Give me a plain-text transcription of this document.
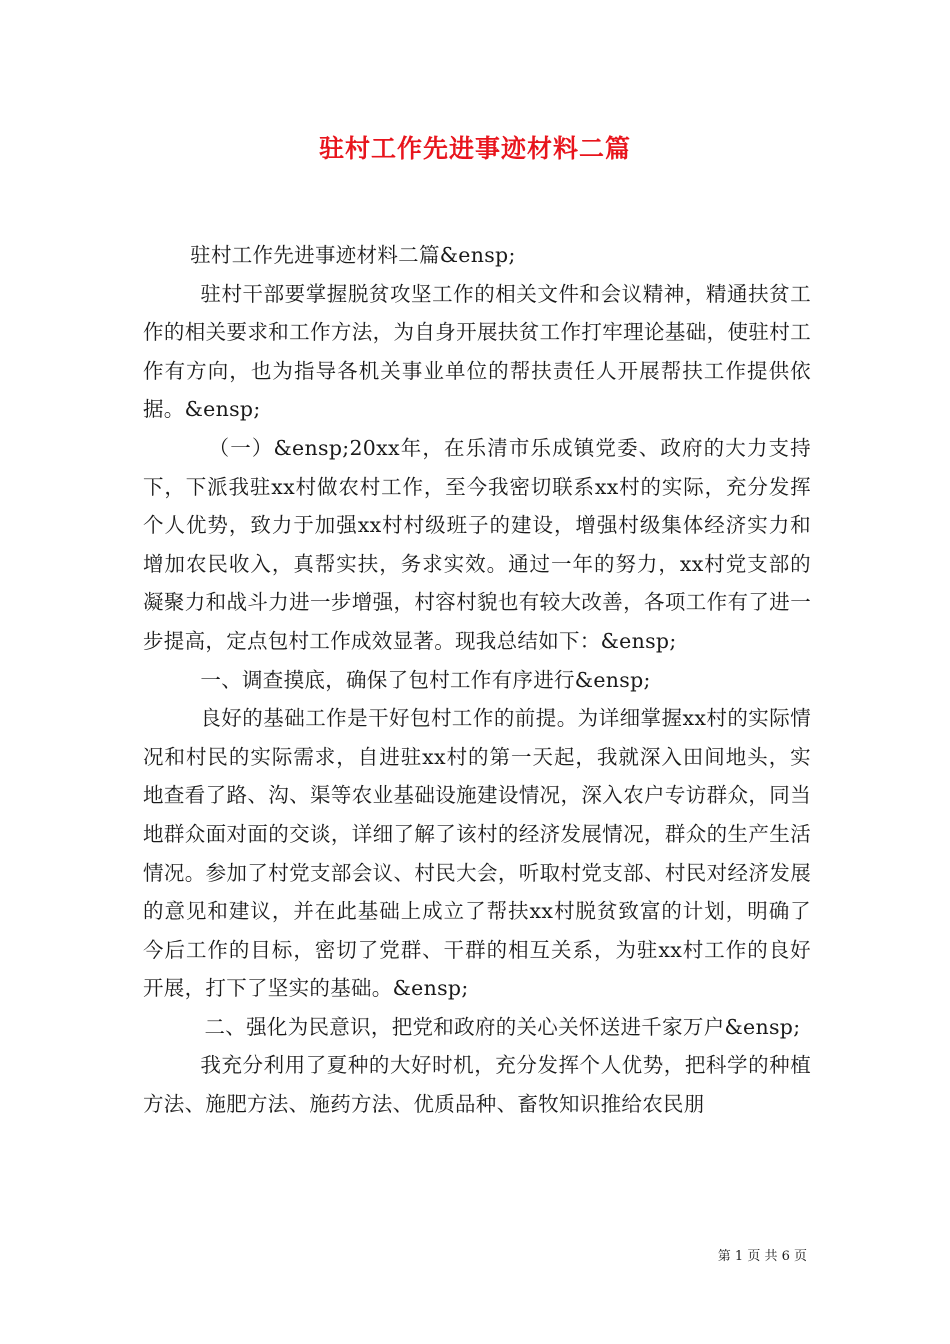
驻村工作先进事迹材料二篇

驻村工作先进事迹材料二篇&ensp;

驻村干部要掌握脱贫攻坚工作的相关文件和会议精神，精通扶贫工作的相关要求和工作方法，为自身开展扶贫工作打牢理论基础，使驻村工作有方向，也为指导各机关事业单位的帮扶责任人开展帮扶工作提供依据。&ensp;

（一）&ensp;20xx年，在乐清市乐成镇党委、政府的大力支持下，下派我驻xx村做农村工作，至今我密切联系xx村的实际，充分发挥个人优势，致力于加强xx村村级班子的建设，增强村级集体经济实力和增加农民收入，真帮实扶，务求实效。通过一年的努力，xx村党支部的凝聚力和战斗力进一步增强，村容村貌也有较大改善，各项工作有了进一步提高，定点包村工作成效显著。现我总结如下：&ensp;

一、调查摸底，确保了包村工作有序进行&ensp;

良好的基础工作是干好包村工作的前提。为详细掌握xx村的实际情况和村民的实际需求，自进驻xx村的第一天起，我就深入田间地头，实地查看了路、沟、渠等农业基础设施建设情况，深入农户专访群众，同当地群众面对面的交谈，详细了解了该村的经济发展情况，群众的生产生活情况。参加了村党支部会议、村民大会，听取村党支部、村民对经济发展的意见和建议，并在此基础上成立了帮扶xx村脱贫致富的计划，明确了今后工作的目标，密切了党群、干群的相互关系，为驻xx村工作的良好开展，打下了坚实的基础。&ensp;

二、强化为民意识，把党和政府的关心关怀送进千家万户&ensp;

我充分利用了夏种的大好时机，充分发挥个人优势，把科学的种植方法、施肥方法、施药方法、优质品种、畜牧知识推给农民朋

第 1 页 共 6 页
